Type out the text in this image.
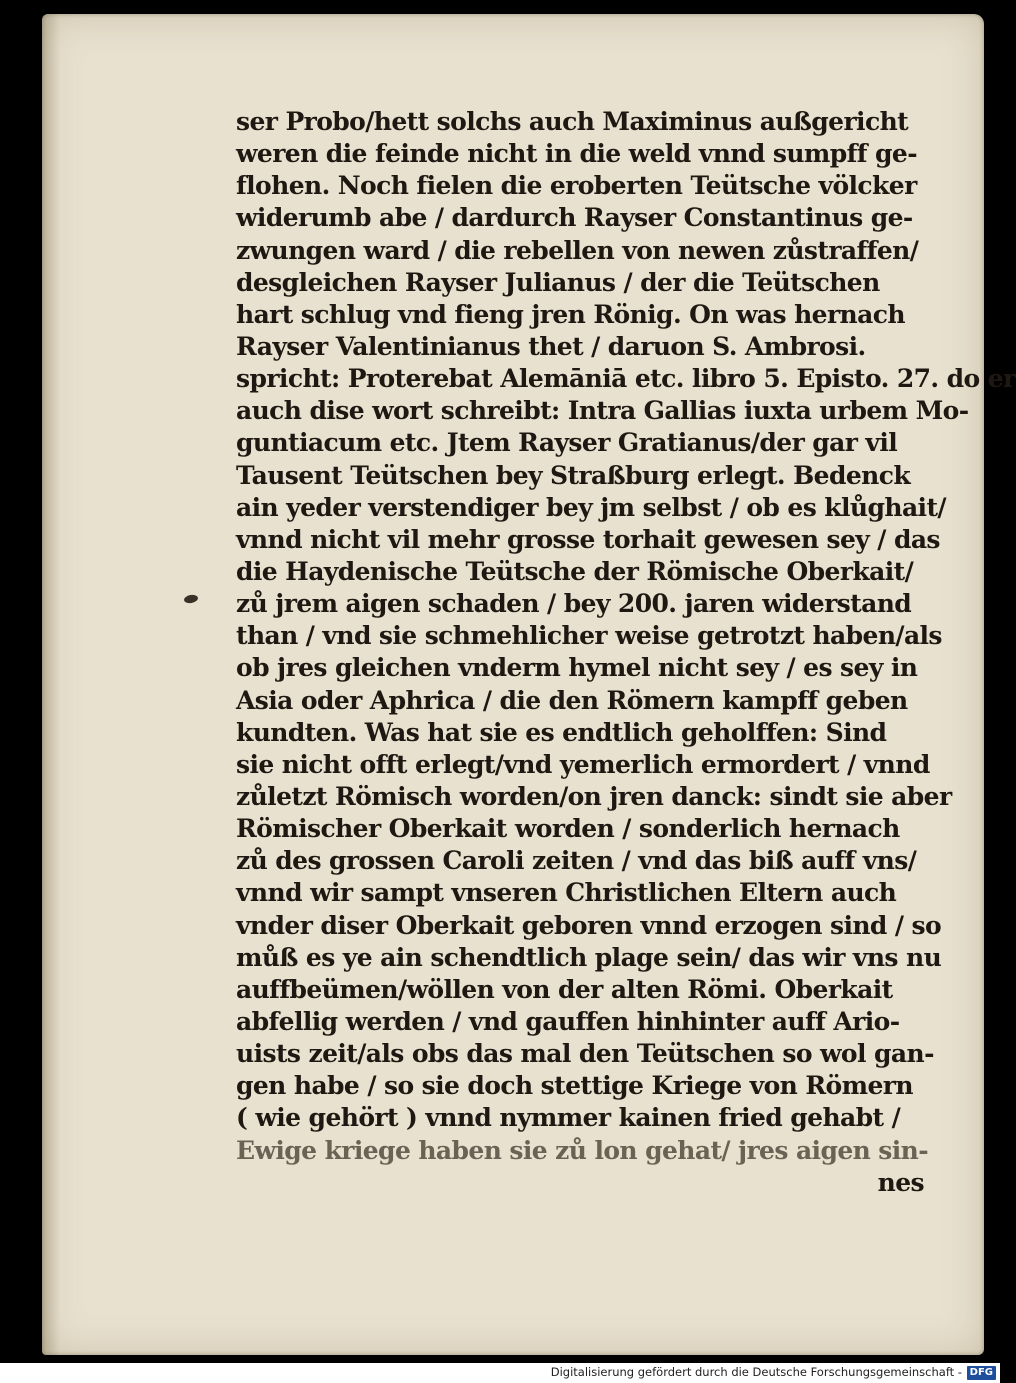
ser Probo/hett solchs auch Maximinus außgericht
weren die feinde nicht in die weld vnnd sumpff ge-
flohen. Noch fielen die eroberten Teütsche völcker
widerumb abe / dardurch Rayser Constantinus ge-
zwungen ward / die rebellen von newen zůstraffen/
desgleichen Rayser Julianus / der die Teütschen
hart schlug vnd fieng jren Rönig. On was hernach
Rayser Valentinianus thet / daruon S. Ambrosi.
spricht: Proterebat Alemāniā etc. libro 5. Episto. 27. do er
auch dise wort schreibt: Intra Gallias iuxta urbem Mo-
guntiacum etc. Jtem Rayser Gratianus/der gar vil
Tausent Teütschen bey Straßburg erlegt. Bedenck
ain yeder verstendiger bey jm selbst / ob es klůghait/
vnnd nicht vil mehr grosse torhait gewesen sey / das
die Haydenische Teütsche der Römische Oberkait/
zů jrem aigen schaden / bey 200. jaren widerstand
than / vnd sie schmehlicher weise getrotzt haben/als
ob jres gleichen vnderm hymel nicht sey / es sey in
Asia oder Aphrica / die den Römern kampff geben
kundten. Was hat sie es endtlich geholffen: Sind
sie nicht offt erlegt/vnd yemerlich ermordert / vnnd
zůletzt Römisch worden/on jren danck: sindt sie aber
Römischer Oberkait worden / sonderlich hernach
zů des grossen Caroli zeiten / vnd das biß auff vns/
vnnd wir sampt vnseren Christlichen Eltern auch
vnder diser Oberkait geboren vnnd erzogen sind / so
můß es ye ain schendtlich plage sein/ das wir vns nu
auffbeümen/wöllen von der alten Römi. Oberkait
abfellig werden / vnd gauffen hinhinter auff Ario-
uists zeit/als obs das mal den Teütschen so wol gan-
gen habe / so sie doch stettige Kriege von Römern
( wie gehört ) vnnd nymmer kainen fried gehabt /
Ewige kriege haben sie zů lon gehat/ jres aigen sin-
nes
Digitalisierung gefördert durch die Deutsche Forschungsgemeinschaft - DFG
